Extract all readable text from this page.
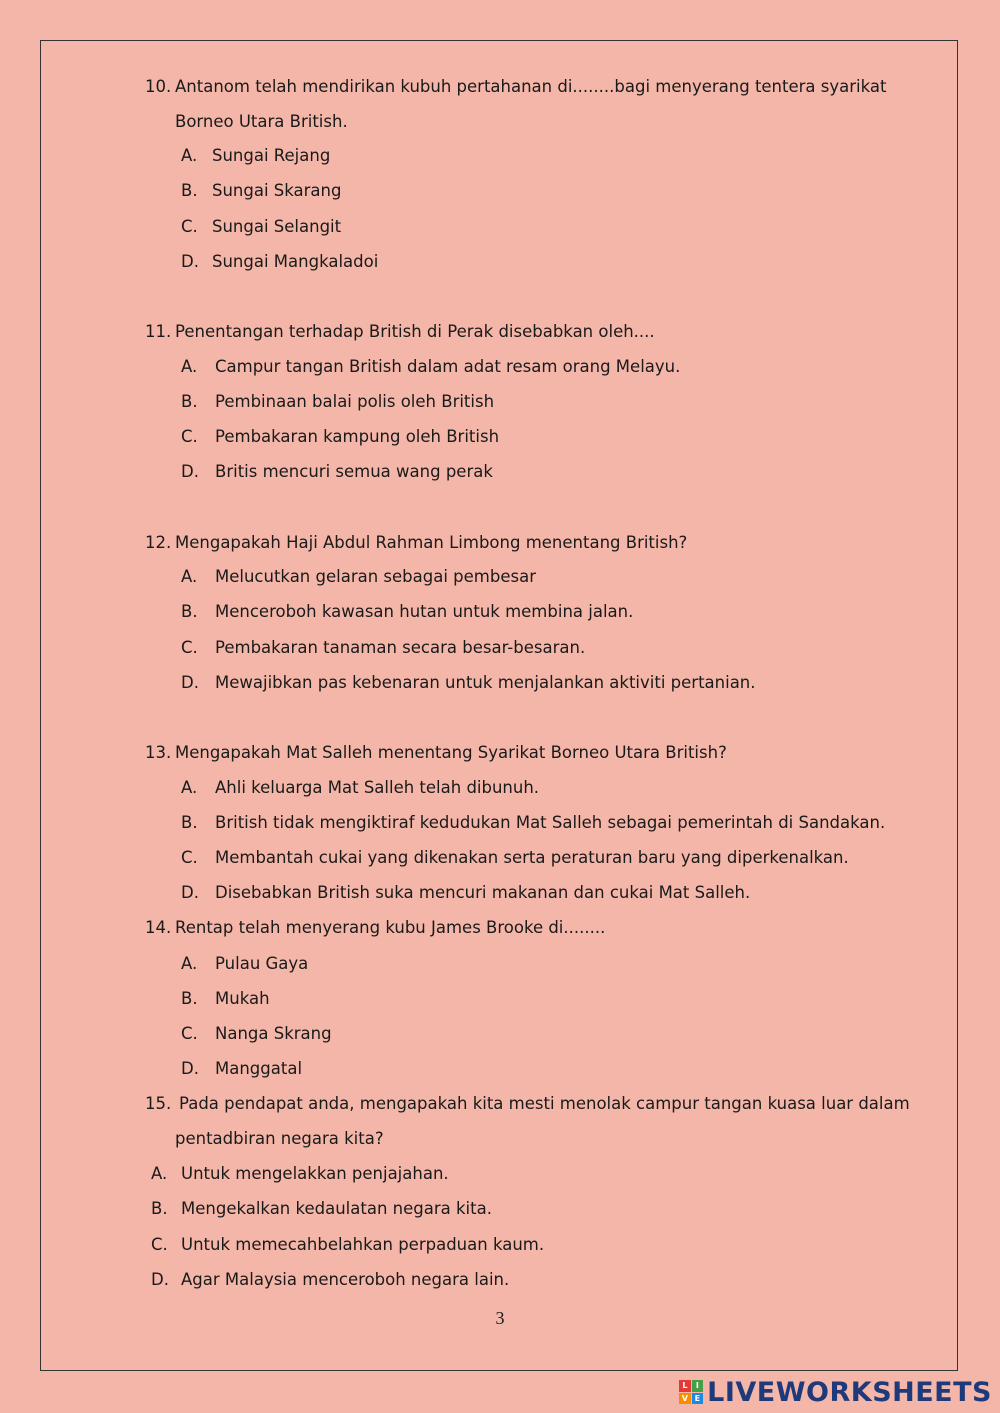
10. Antanom telah mendirikan kubuh pertahanan di........bagi menyerang tentera syarikat
Borneo Utara British.
A. Sungai Rejang
B. Sungai Skarang
C. Sungai Selangit
D. Sungai Mangkaladoi
11. Penentangan terhadap British di Perak disebabkan oleh....
A. Campur tangan British dalam adat resam orang Melayu.
B. Pembinaan balai polis oleh British
C. Pembakaran kampung oleh British
D. Britis mencuri semua wang perak
12. Mengapakah Haji Abdul Rahman Limbong menentang British?
A. Melucutkan gelaran sebagai pembesar
B. Menceroboh kawasan hutan untuk membina jalan.
C. Pembakaran tanaman secara besar-besaran.
D. Mewajibkan pas kebenaran untuk menjalankan aktiviti pertanian.
13. Mengapakah Mat Salleh menentang Syarikat Borneo Utara British?
A. Ahli keluarga Mat Salleh telah dibunuh.
B. British tidak mengiktiraf kedudukan Mat Salleh sebagai pemerintah di Sandakan.
C. Membantah cukai yang dikenakan serta peraturan baru yang diperkenalkan.
D. Disebabkan British suka mencuri makanan dan cukai Mat Salleh.
14. Rentap telah menyerang kubu James Brooke di........
A. Pulau Gaya
B. Mukah
C. Nanga Skrang
D. Manggatal
15. Pada pendapat anda, mengapakah kita mesti menolak campur tangan kuasa luar dalam
pentadbiran negara kita?
A. Untuk mengelakkan penjajahan.
B. Mengekalkan kedaulatan negara kita.
C. Untuk memecahbelahkan perpaduan kaum.
D. Agar Malaysia menceroboh negara lain.
3
L	I
V E LIVEWORKSHEETS
